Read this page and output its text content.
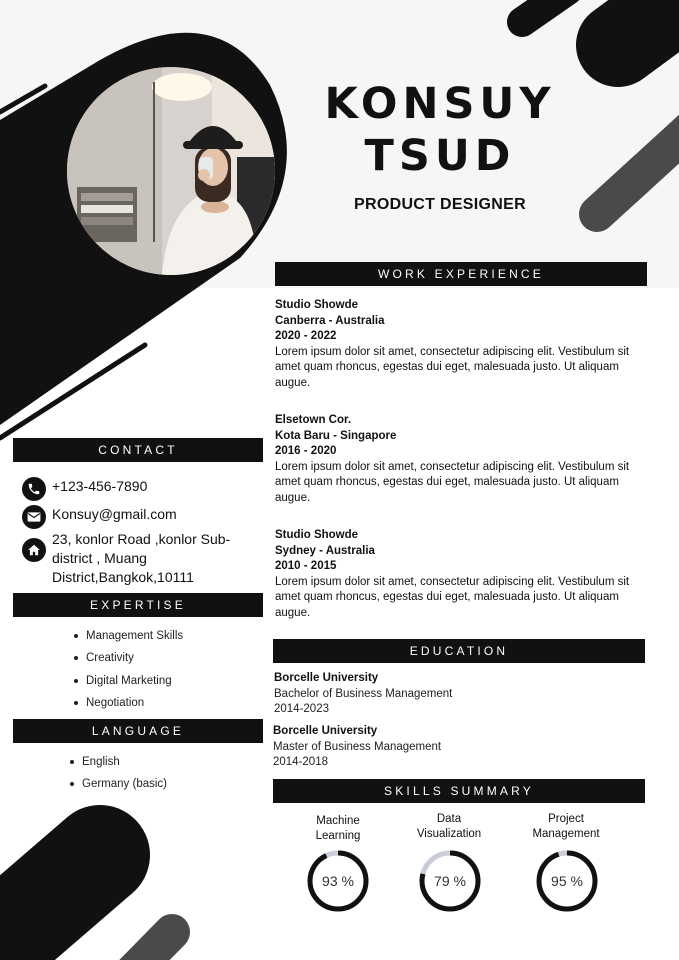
KONSUY
TSUD
PRODUCT DESIGNER
WORK EXPERIENCE
Studio Showde
Canberra - Australia
2020 - 2022
Lorem ipsum dolor sit amet, consectetur adipiscing elit. Vestibulum sit amet quam rhoncus, egestas dui eget, malesuada justo. Ut aliquam augue.
Elsetown Cor.
Kota Baru - Singapore
2016 - 2020
Lorem ipsum dolor sit amet, consectetur adipiscing elit. Vestibulum sit amet quam rhoncus, egestas dui eget, malesuada justo. Ut aliquam augue.
Studio Showde
Sydney - Australia
2010 - 2015
Lorem ipsum dolor sit amet, consectetur adipiscing elit. Vestibulum sit amet quam rhoncus, egestas dui eget, malesuada justo. Ut aliquam augue.
CONTACT
+123-456-7890
Konsuy@gmail.com
23, konlor Road ,konlor Sub-district , Muang District,Bangkok,10111
EXPERTISE
Management Skills
Creativity
Digital Marketing
Negotiation
LANGUAGE
English
Germany (basic)
EDUCATION
Borcelle University
Bachelor of Business Management
2014-2023
Borcelle University
Master of Business Management
2014-2018
SKILLS SUMMARY
Machine
Learning
Data
Visualization
Project
Management
93 %	79 %	95 %
